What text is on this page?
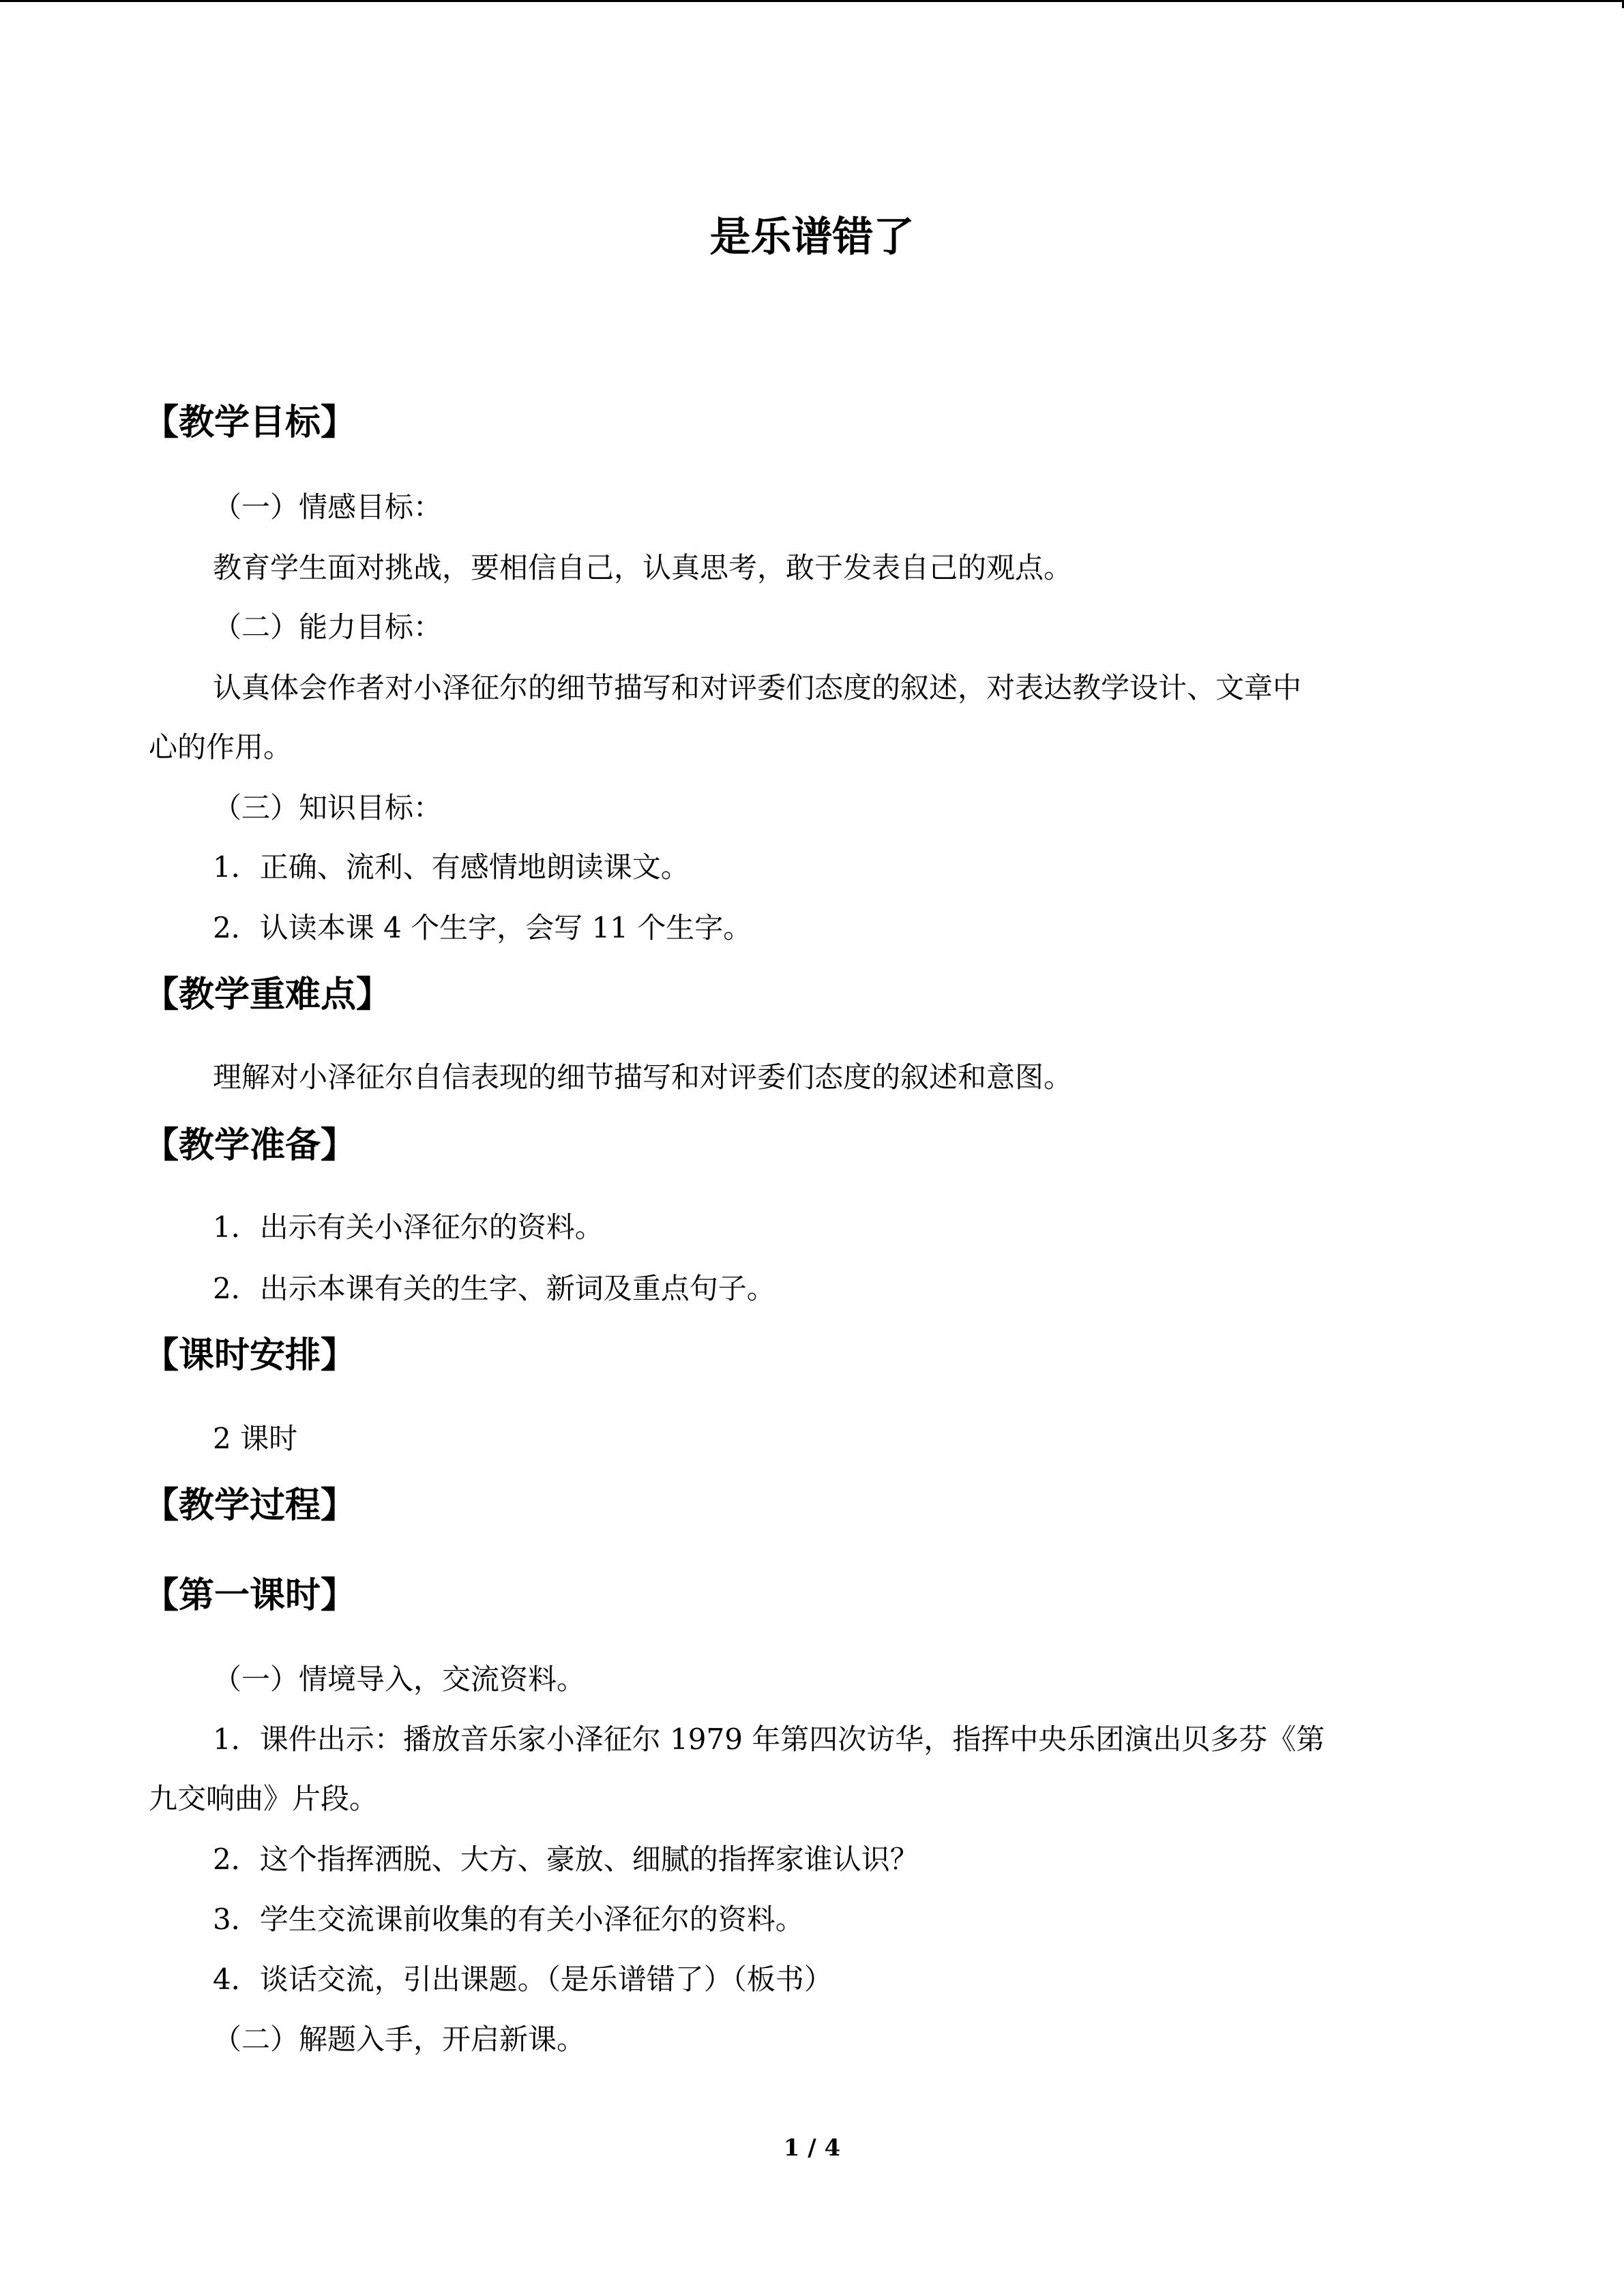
是乐谱错了
【教学目标】
（一）情感目标：
教育学生面对挑战，要相信自己，认真思考，敢于发表自己的观点。
（二）能力目标：
认真体会作者对小泽征尔的细节描写和对评委们态度的叙述，对表达教学设计、文章中
心的作用。
（三）知识目标：
1．正确、流利、有感情地朗读课文。
2．认读本课 4 个生字，会写 11 个生字。
【教学重难点】
理解对小泽征尔自信表现的细节描写和对评委们态度的叙述和意图。
【教学准备】
1．出示有关小泽征尔的资料。
2．出示本课有关的生字、新词及重点句子。
【课时安排】
2 课时
【教学过程】
【第一课时】
（一）情境导入，交流资料。
1．课件出示：播放音乐家小泽征尔 1979 年第四次访华，指挥中央乐团演出贝多芬《第
九交响曲》片段。
2．这个指挥洒脱、大方、豪放、细腻的指挥家谁认识？
3．学生交流课前收集的有关小泽征尔的资料。
4．谈话交流，引出课题。（是乐谱错了）（板书）
（二）解题入手，开启新课。
1 / 4
